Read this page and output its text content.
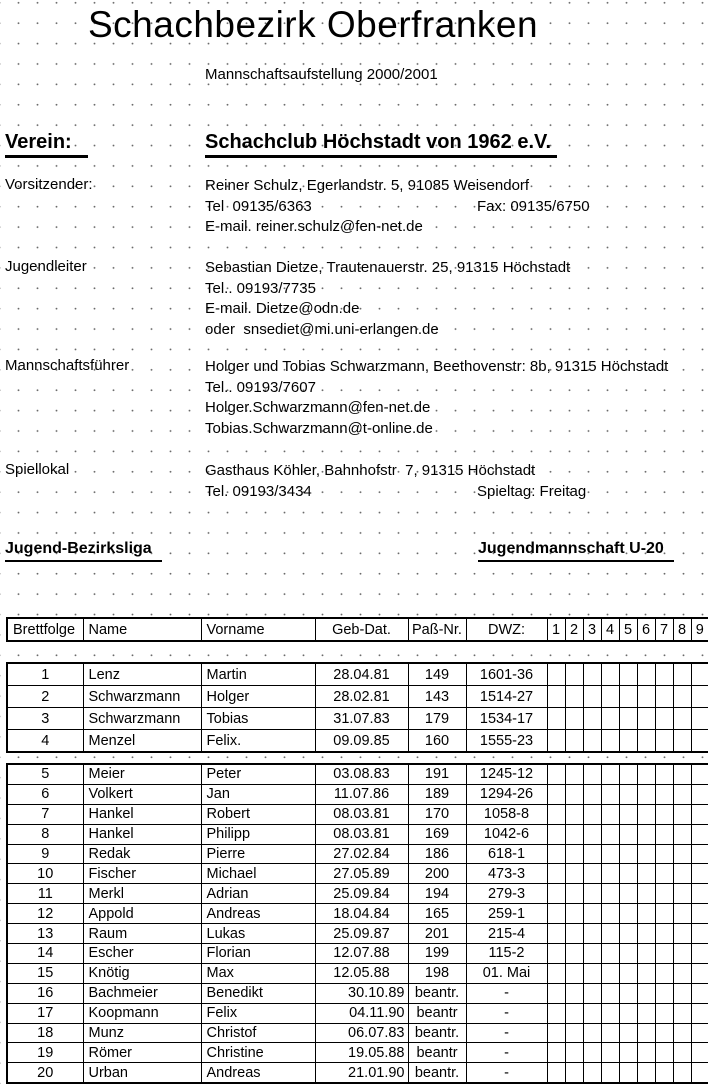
Schachbezirk Oberfranken
Mannschaftsaufstellung 2000/2001
Verein:	Schachclub Höchstadt von 1962 e.V.
Vorsitzender:	Reiner Schulz, Egerlandstr. 5, 91085 Weisendorf
Tel  09135/6363	Fax: 09135/6750
E-mail. reiner.schulz@fen-net.de
Jugendleiter	Sebastian Dietze, Trautenauerstr. 25, 91315 Höchstadt
Tel.. 09193/7735
E-mail. Dietze@odn.de
oder  snsediet@mi.uni-erlangen.de
Mannschaftsführer	Holger und Tobias Schwarzmann, Beethovenstr: 8b, 91315 Höchstadt
Tel.. 09193/7607
Holger.Schwarzmann@fen-net.de
Tobias.Schwarzmann@t-online.de
Spiellokal	Gasthaus Köhler, Bahnhofstr  7, 91315 Höchstadt
Tel. 09193/3434	Spieltag: Freitag
Jugend-Bezirksliga	Jugendmannschaft U-20
Brettfolge	Name	Vorname	Geb-Dat.	Paß-Nr.	DWZ:	1	2	3	4	5	6	7	8	9
1	Lenz	Martin	28.04.81	149	1601-36									
2	Schwarzmann	Holger	28.02.81	143	1514-27									
3	Schwarzmann	Tobias	31.07.83	179	1534-17									
4	Menzel	Felix.	09.09.85	160	1555-23									
5	Meier	Peter	03.08.83	191	1245-12									
6	Volkert	Jan	11.07.86	189	1294-26									
7	Hankel	Robert	08.03.81	170	1058-8									
8	Hankel	Philipp	08.03.81	169	1042-6									
9	Redak	Pierre	27.02.84	186	618-1									
10	Fischer	Michael	27.05.89	200	473-3									
11	Merkl	Adrian	25.09.84	194	279-3									
12	Appold	Andreas	18.04.84	165	259-1									
13	Raum	Lukas	25.09.87	201	215-4									
14	Escher	Florian	12.07.88	199	115-2									
15	Knötig	Max	12.05.88	198	01. Mai									
16	Bachmeier	Benedikt	30.10.89	beantr.	-									
17	Koopmann	Felix	04.11.90	beantr	-									
18	Munz	Christof	06.07.83	beantr.	-									
19	Römer	Christine	19.05.88	beantr	-									
20	Urban	Andreas	21.01.90	beantr.	-									
